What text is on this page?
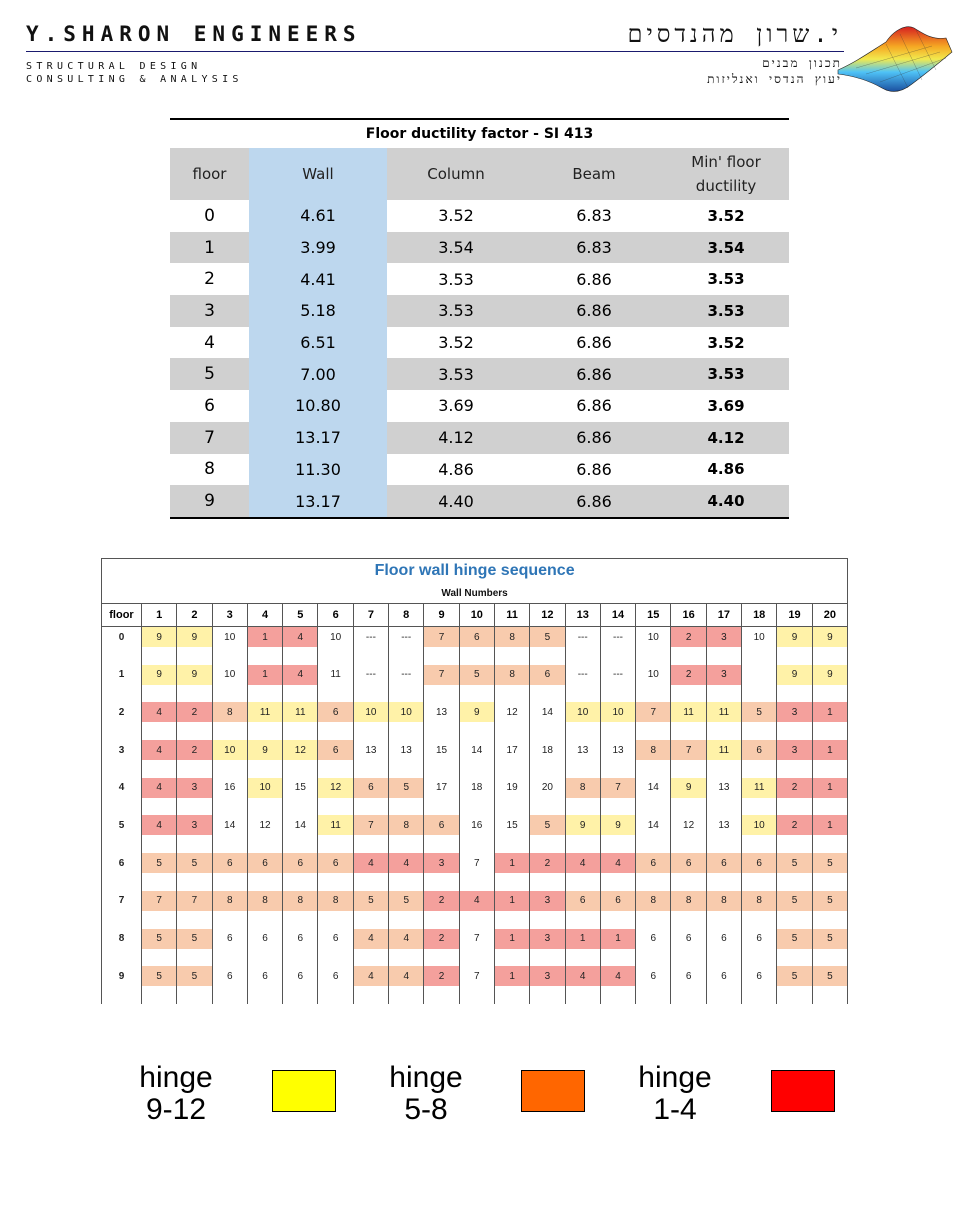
Y.SHARON ENGINEERS
STRUCTURAL DESIGN
CONSULTING & ANALYSIS
י.שרון מהנדסים
תכנון מבנים
יעוץ הנדסי ואנליזות
Floor ductility factor - SI 413				
floor	Wall	Column	Beam	Min' floor
ductility
0	4.61	3.52	6.83	3.52
1	3.99	3.54	6.83	3.54
2	4.41	3.53	6.86	3.53
3	5.18	3.53	6.86	3.53
4	6.51	3.52	6.86	3.52
5	7.00	3.53	6.86	3.53
6	10.80	3.69	6.86	3.69
7	13.17	4.12	6.86	4.12
8	11.30	4.86	6.86	4.86
9	13.17	4.40	6.86	4.40
Floor wall hinge sequence																				
Wall Numbers																				
floor	1	2	3	4	5	6	7	8	9	10	11	12	13	14	15	16	17	18	19	20
0	9	9	10	1	4	10	---	---	7	6	8	5	---	---	10	2	3	10	9	9

1	9	9	10	1	4	11	---	---	7	5	8	6	---	---	10	2	3		9	9

2	4	2	8	11	11	6	10	10	13	9	12	14	10	10	7	11	11	5	3	1

3	4	2	10	9	12	6	13	13	15	14	17	18	13	13	8	7	11	6	3	1

4	4	3	16	10	15	12	6	5	17	18	19	20	8	7	14	9	13	11	2	1

5	4	3	14	12	14	11	7	8	6	16	15	5	9	9	14	12	13	10	2	1

6	5	5	6	6	6	6	4	4	3	7	1	2	4	4	6	6	6	6	5	5

7	7	7	8	8	8	8	5	5	2	4	1	3	6	6	8	8	8	8	5	5

8	5	5	6	6	6	6	4	4	2	7	1	3	1	1	6	6	6	6	5	5

9	5	5	6	6	6	6	4	4	2	7	1	3	4	4	6	6	6	6	5	5

hinge
9-12
hinge
5-8
hinge
1-4
